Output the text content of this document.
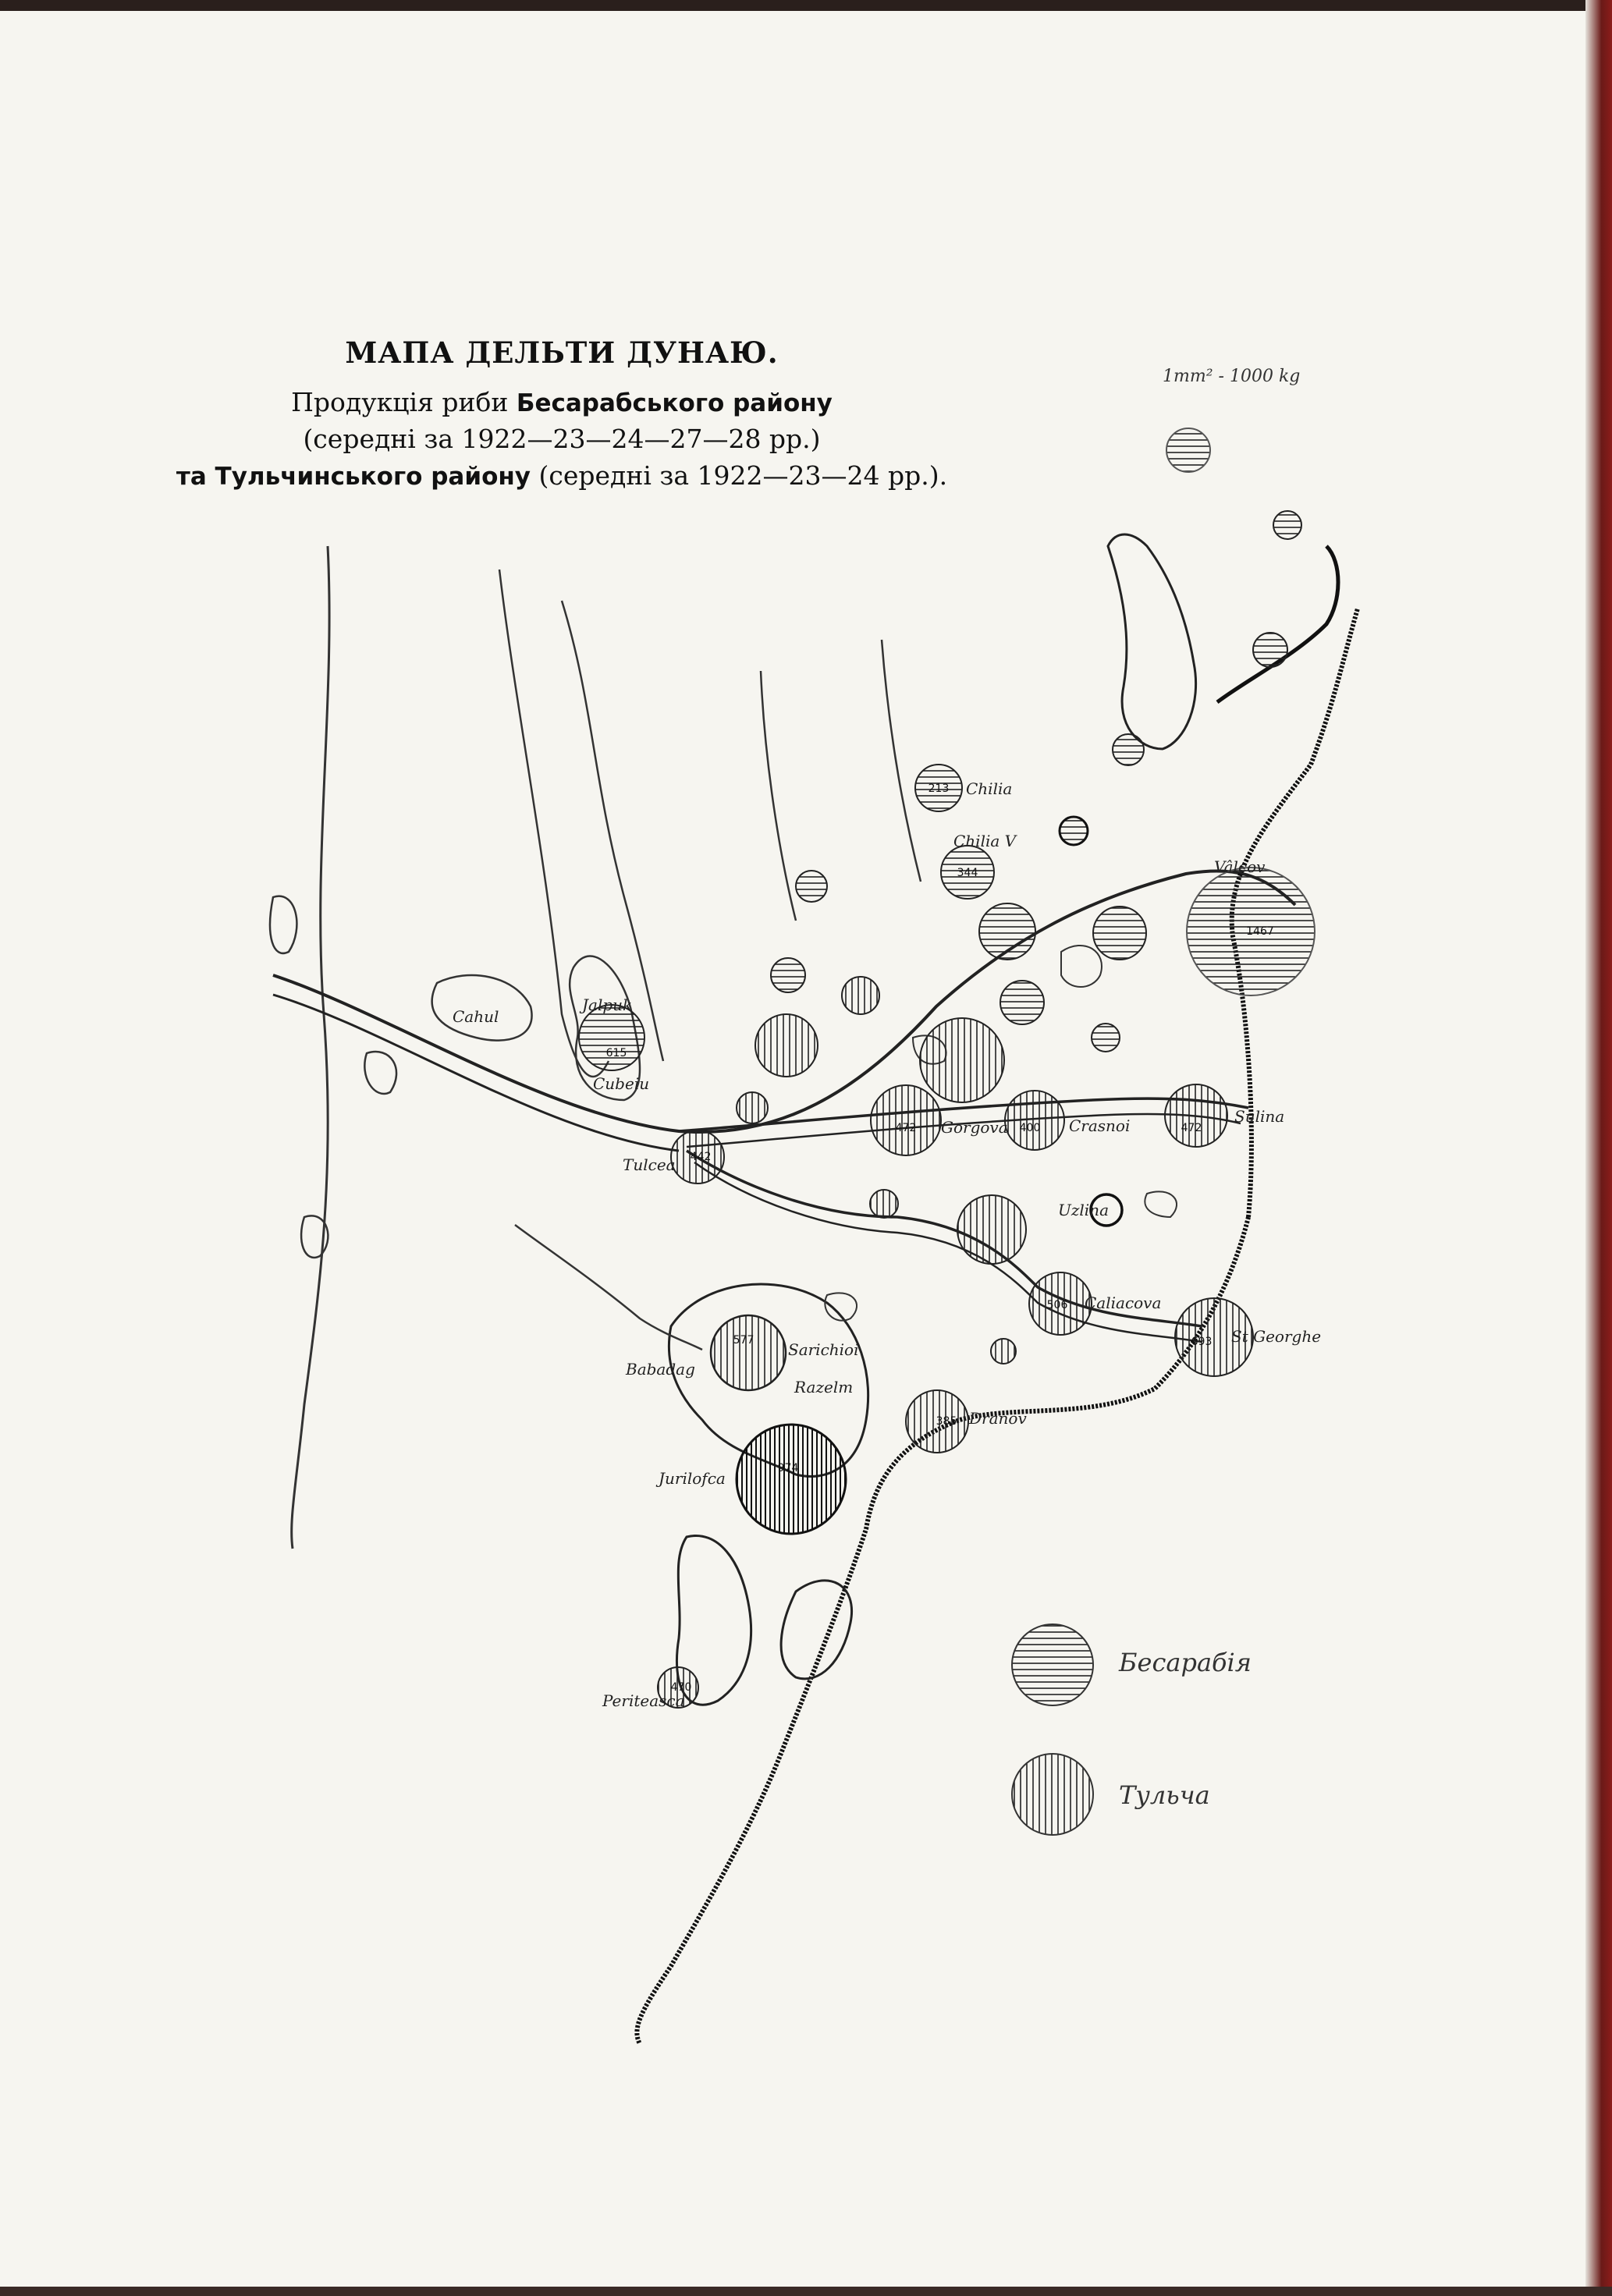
МАПА ДЕЛЬТИ ДУНАЮ.
Продукція риби Бесарабського району
(середні за 1922—23—24—27—28 рр.)
та Тульчинського району (середні за 1922—23—24 рр.).
1mm² - 1000 kg
Cahul
Jalpuk
Cubeiu
Chilia
Chilia V
Vâlcov
Tulcea
Sulina
Gorgova	Crasnoi
Caliacova
St Georghe
Sarichioi
Razelm
Jurilofca
Dranov
Babadag
Periteasca
Uzlina
213
344
1467
615
442
472	400	472
506
693
577
974
385
470
Бесарабія
Тульча
